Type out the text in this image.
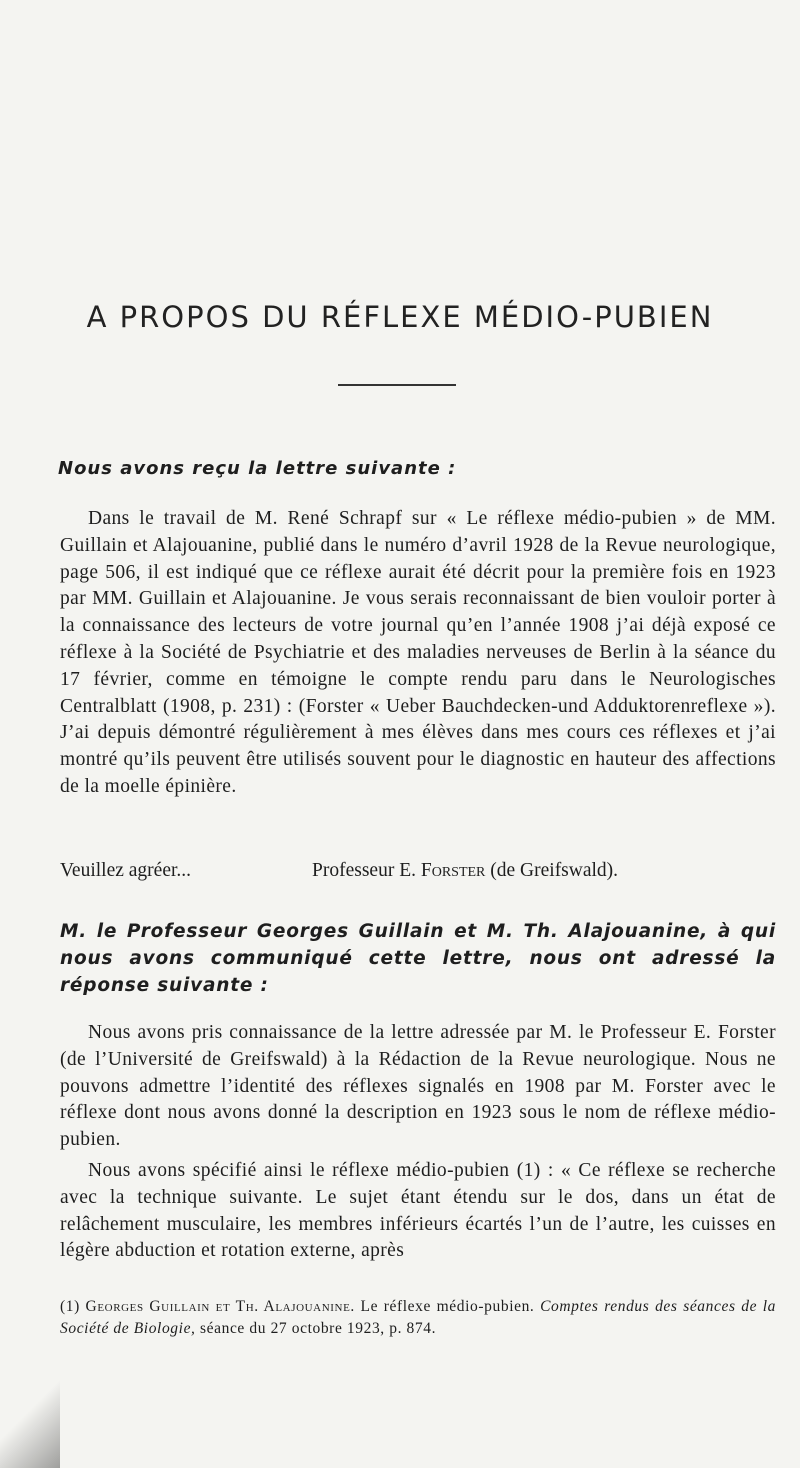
A PROPOS DU RÉFLEXE MÉDIO-PUBIEN
Nous avons reçu la lettre suivante :
Dans le travail de M. René Schrapf sur « Le réflexe médio-pubien » de MM. Guillain et Alajouanine, publié dans le numéro d’avril 1928 de la Revue neurologique, page 506, il est indiqué que ce réflexe aurait été décrit pour la première fois en 1923 par MM. Guillain et Alajouanine. Je vous serais reconnaissant de bien vouloir porter à la connaissance des lecteurs de votre journal qu’en l’année 1908 j’ai déjà exposé ce réflexe à la Société de Psychiatrie et des maladies nerveuses de Berlin à la séance du 17 février, comme en témoigne le compte rendu paru dans le Neurologisches Centralblatt (1908, p. 231) : (Forster « Ueber Bauchdecken-und Adduktorenreflexe »). J’ai depuis démontré régulièrement à mes élèves dans mes cours ces réflexes et j’ai montré qu’ils peuvent être utilisés souvent pour le diagnostic en hauteur des affections de la moelle épinière.
Veuillez agréer...	Professeur E. Forster (de Greifswald).
M. le Professeur Georges Guillain et M. Th. Alajouanine, à qui nous avons communiqué cette lettre, nous ont adressé la réponse suivante :
Nous avons pris connaissance de la lettre adressée par M. le Professeur E. Forster (de l’Université de Greifswald) à la Rédaction de la Revue neurologique. Nous ne pouvons admettre l’identité des réflexes signalés en 1908 par M. Forster avec le réflexe dont nous avons donné la description en 1923 sous le nom de réflexe médio-pubien.
Nous avons spécifié ainsi le réflexe médio-pubien (1) : « Ce réflexe se recherche avec la technique suivante. Le sujet étant étendu sur le dos, dans un état de relâchement musculaire, les membres inférieurs écartés l’un de l’autre, les cuisses en légère abduction et rotation externe, après
(1) Georges Guillain et Th. Alajouanine. Le réflexe médio-pubien. Comptes rendus des séances de la Société de Biologie, séance du 27 octobre 1923, p. 874.
